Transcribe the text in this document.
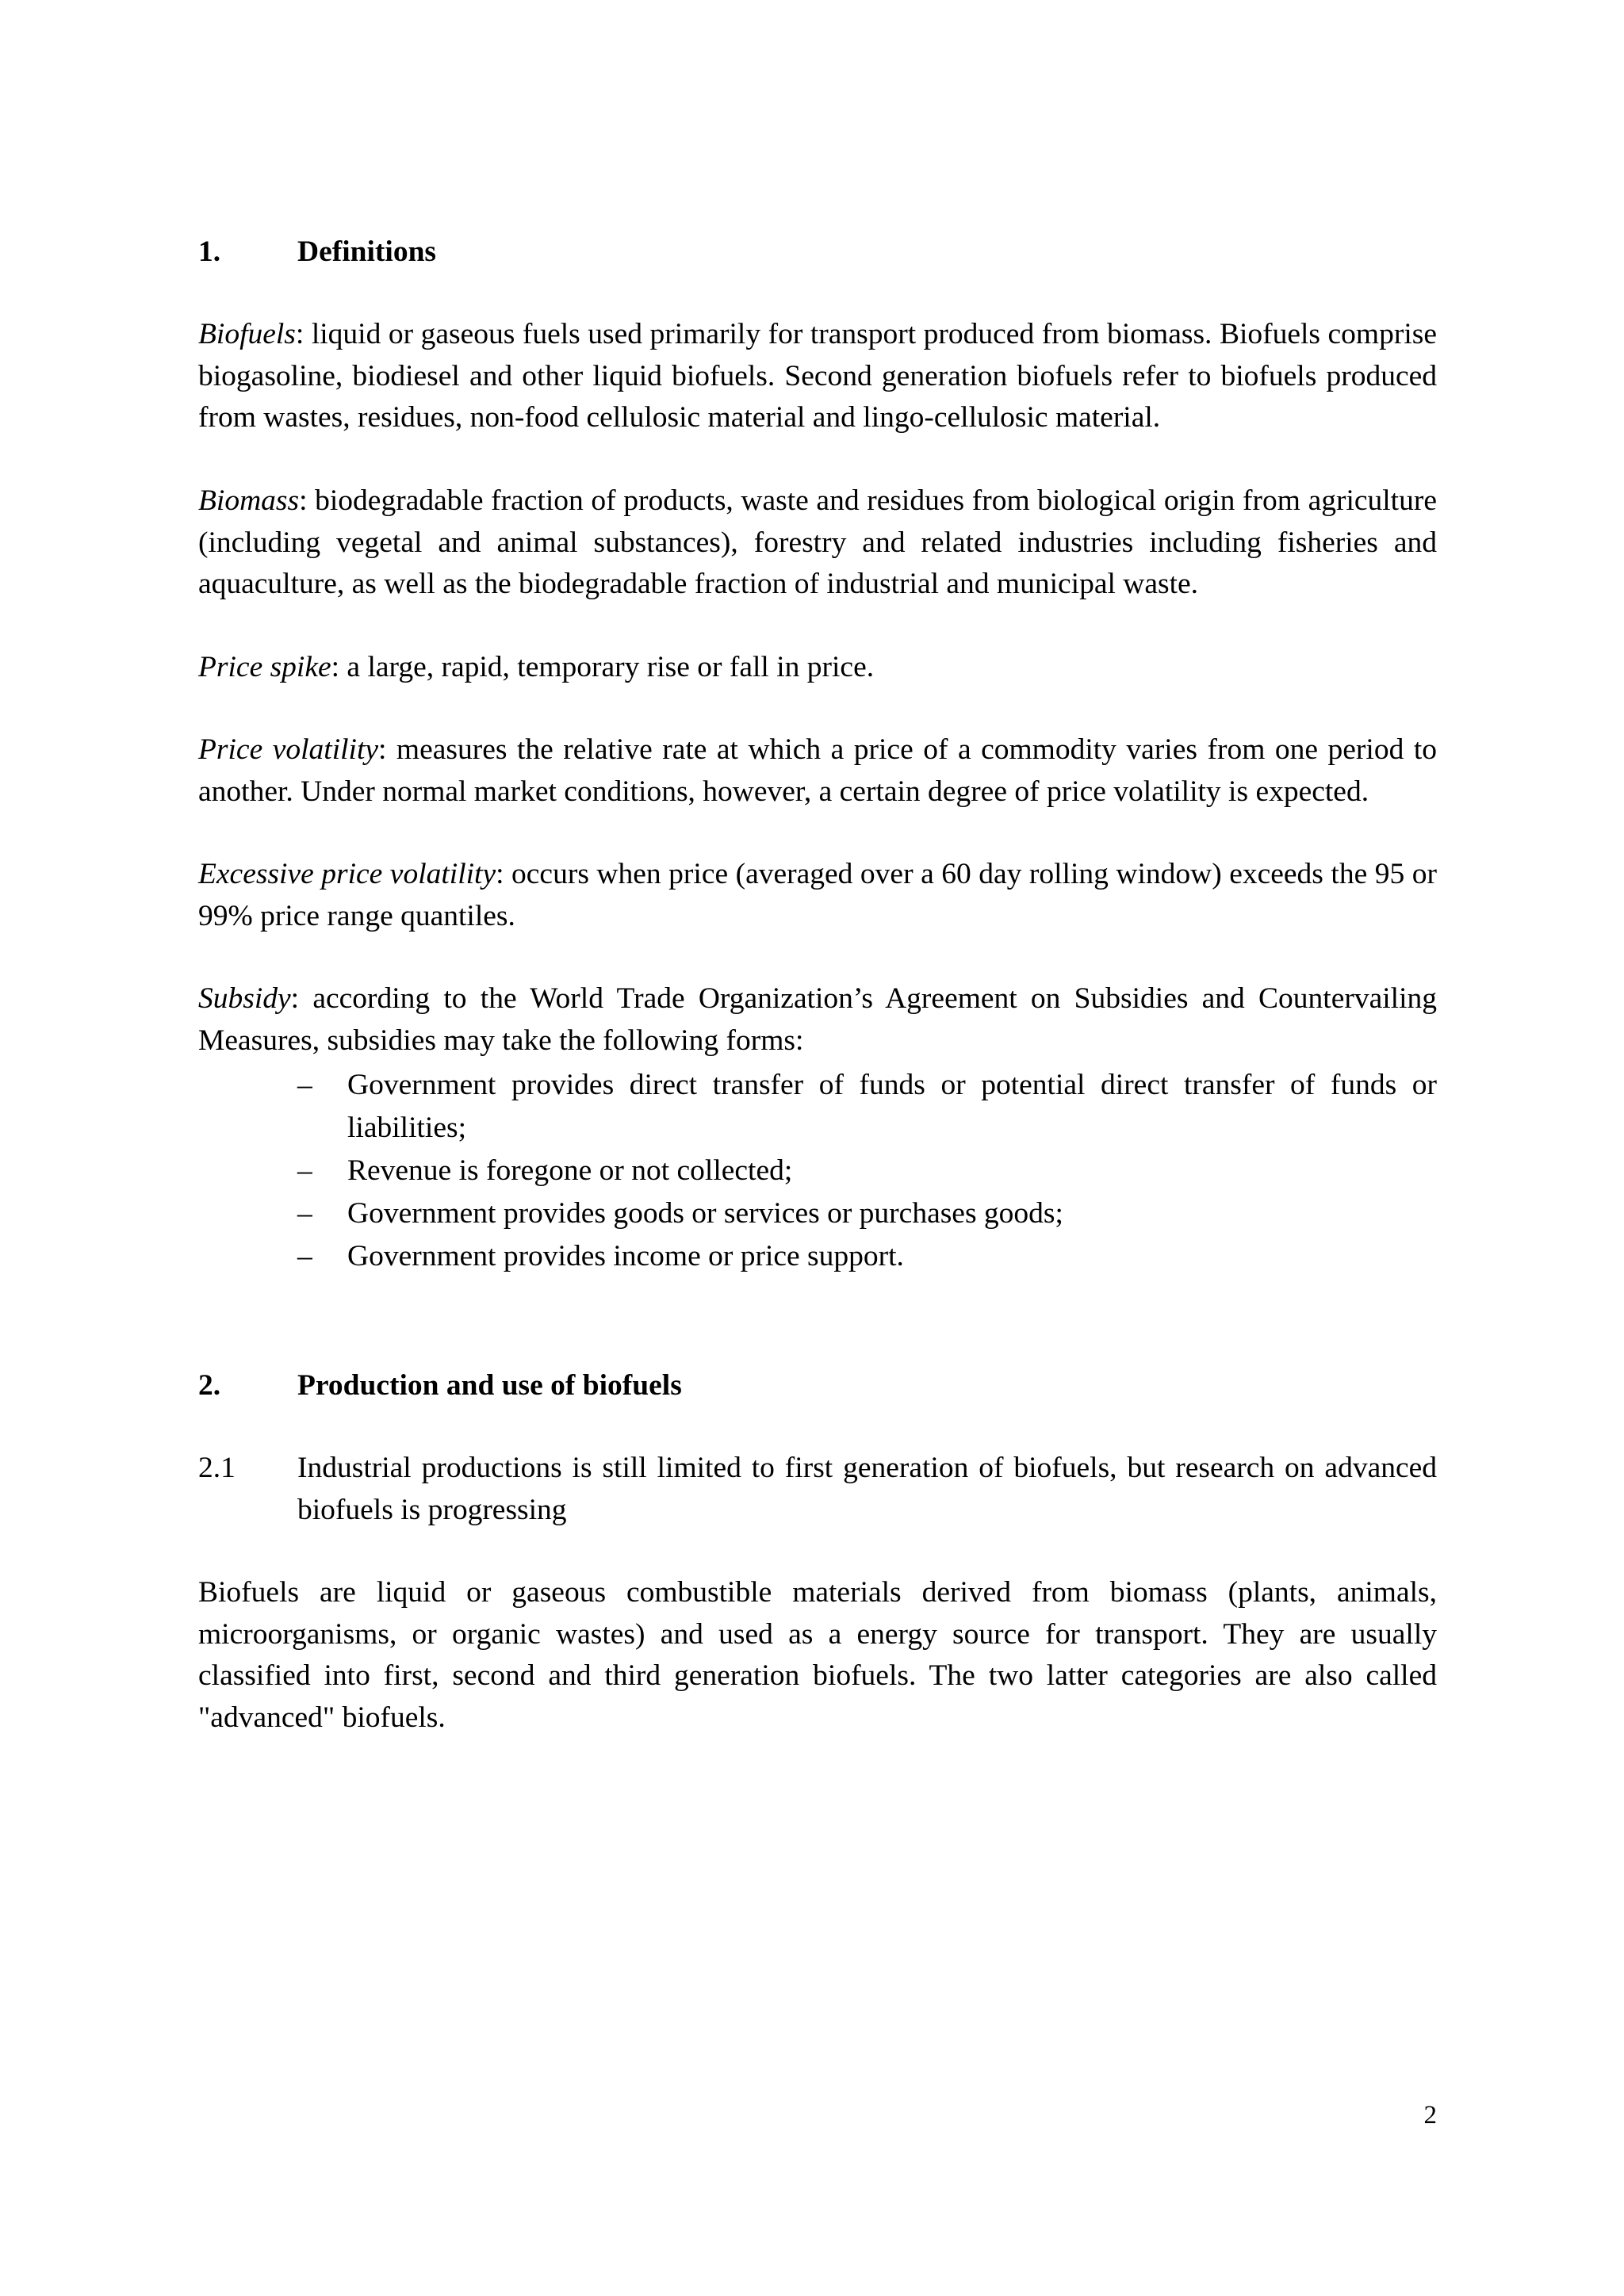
1.	Definitions

Biofuels: liquid or gaseous fuels used primarily for transport produced from biomass. Biofuels comprise biogasoline, biodiesel and other liquid biofuels. Second generation biofuels refer to biofuels produced from wastes, residues, non-food cellulosic material and lingo-cellulosic material.

Biomass: biodegradable fraction of products, waste and residues from biological origin from agriculture (including vegetal and animal substances), forestry and related industries including fisheries and aquaculture, as well as the biodegradable fraction of industrial and municipal waste.

Price spike: a large, rapid, temporary rise or fall in price.

Price volatility: measures the relative rate at which a price of a commodity varies from one period to another. Under normal market conditions, however, a certain degree of price volatility is expected.

Excessive price volatility: occurs when price (averaged over a 60 day rolling window) exceeds the 95 or 99% price range quantiles.

Subsidy: according to the World Trade Organization’s Agreement on Subsidies and Countervailing Measures, subsidies may take the following forms:

– Government provides direct transfer of funds or potential direct transfer of funds or liabilities;
– Revenue is foregone or not collected;
– Government provides goods or services or purchases goods;
– Government provides income or price support.
2.	Production and use of biofuels
2.1 Industrial productions is still limited to first generation of biofuels, but research on advanced biofuels is progressing

Biofuels are liquid or gaseous combustible materials derived from biomass (plants, animals, microorganisms, or organic wastes) and used as a energy source for transport. They are usually classified into first, second and third generation biofuels. The two latter categories are also called "advanced" biofuels.

2
